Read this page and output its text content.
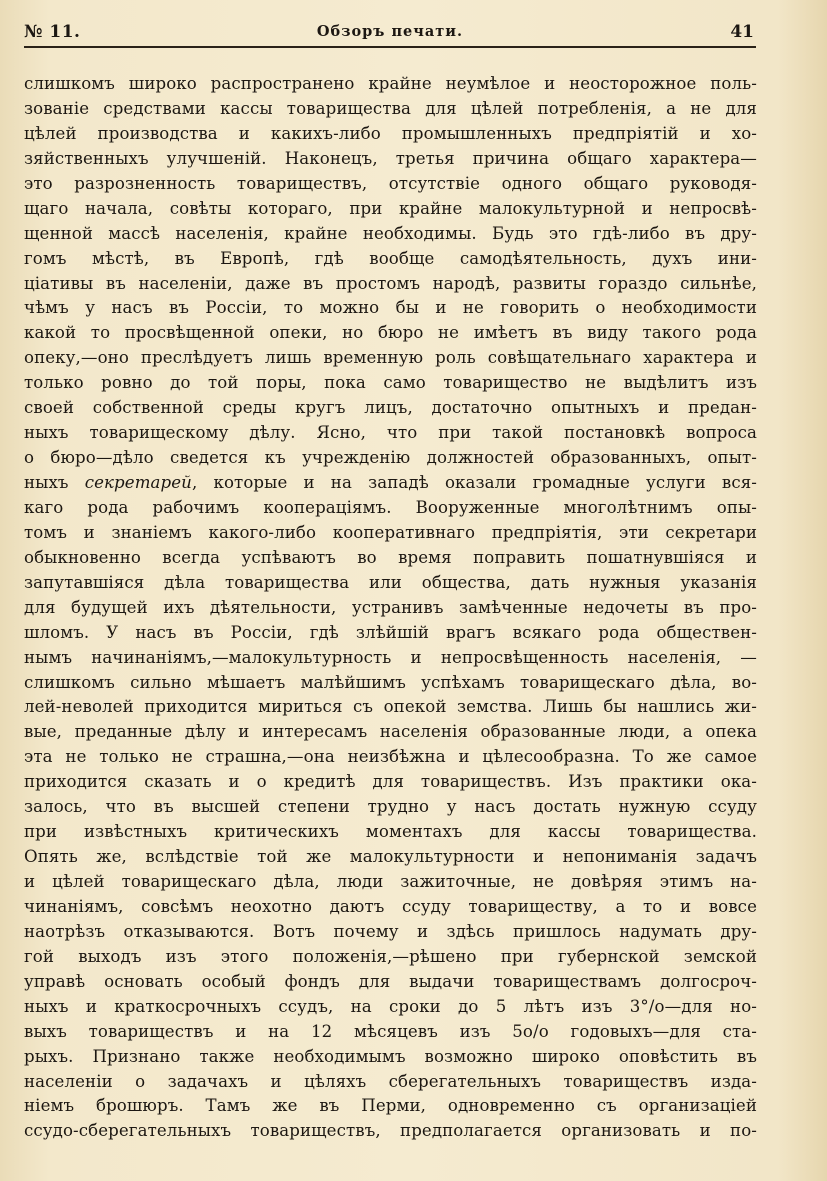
№ 11.	Обзоръ печати.	41
слишкомъ широко распространено крайне неумѣлое и неосторожное поль-
зованіе средствами кассы товарищества для цѣлей потребленія, а не для
цѣлей производства и какихъ-либо промышленныхъ предпріятій и хо-
зяйственныхъ улучшеній. Наконецъ, третья причина общаго характера—
это разрозненность товариществъ, отсутствіе одного общаго руководя-
щаго начала, совѣты котораго, при крайне малокультурной и непросвѣ-
щенной массѣ населенія, крайне необходимы. Будь это гдѣ-либо въ дру-
гомъ мѣстѣ, въ Европѣ, гдѣ вообще самодѣятельность, духъ ини-
ціативы въ населеніи, даже въ простомъ народѣ, развиты гораздо сильнѣе,
чѣмъ у насъ въ Россіи, то можно бы и не говорить о необходимости
какой то просвѣщенной опеки, но бюро не имѣетъ въ виду такого рода
опеку,—оно преслѣдуетъ лишь временную роль совѣщательнаго характера и
только ровно до той поры, пока само товарищество не выдѣлитъ изъ
своей собственной среды кругъ лицъ, достаточно опытныхъ и предан-
ныхъ товарищескому дѣлу. Ясно, что при такой постановкѣ вопроса
о бюро—дѣло сведется къ учрежденію должностей образованныхъ, опыт-
ныхъ секретарей, которые и на западѣ оказали громадные услуги вся-
каго рода рабочимъ кооперацiямъ. Вооруженные многолѣтнимъ опы-
томъ и знаніемъ какого-либо кооперативнаго предпріятія, эти секретари
обыкновенно всегда успѣваютъ во время поправить пошатнувшіяся и
запутавшіяся дѣла товарищества или общества, дать нужныя указанія
для будущей ихъ дѣятельности, устранивъ замѣченные недочеты въ про-
шломъ. У насъ въ Россіи, гдѣ злѣйшій врагъ всякаго рода обществен-
нымъ начинаніямъ,—малокультурность и непросвѣщенность населенія, —
слишкомъ сильно мѣшаетъ малѣйшимъ успѣхамъ товарищескаго дѣла, во-
лей-неволей приходится мириться съ опекой земства. Лишь бы нашлись жи-
вые, преданные дѣлу и интересамъ населенія образованные люди, а опека
эта не только не страшна,—она неизбѣжна и цѣлесообразна. То же самое
приходится сказать и о кредитѣ для товариществъ. Изъ практики ока-
залось, что въ высшей степени трудно у насъ достать нужную ссуду
при извѣстныхъ критическихъ моментахъ для кассы товарищества.
Опять же, вслѣдствіе той же малокультурности и непониманія задачъ
и цѣлей товарищескаго дѣла, люди зажиточные, не довѣряя этимъ на-
чинаніямъ, совсѣмъ неохотно даютъ ссуду товариществу, а то и вовсе
наотрѣзъ отказываются. Вотъ почему и здѣсь пришлось надумать дру-
гой выходъ изъ этого положенія,—рѣшено при губернской земской
управѣ основать особый фондъ для выдачи товариществамъ долгосроч-
ныхъ и краткосрочныхъ ссудъ, на сроки до 5 лѣтъ изъ 3°/о—для но-
выхъ товариществъ и на 12 мѣсяцевъ изъ 5о/о годовыхъ—для ста-
рыхъ. Признано также необходимымъ возможно широко оповѣстить въ
населеніи о задачахъ и цѣляхъ сберегательныхъ товариществъ изда-
ніемъ брошюръ. Тамъ же въ Перми, одновременно съ организаціей
ссудо-сберегательныхъ товариществъ, предполагается организовать и по-
